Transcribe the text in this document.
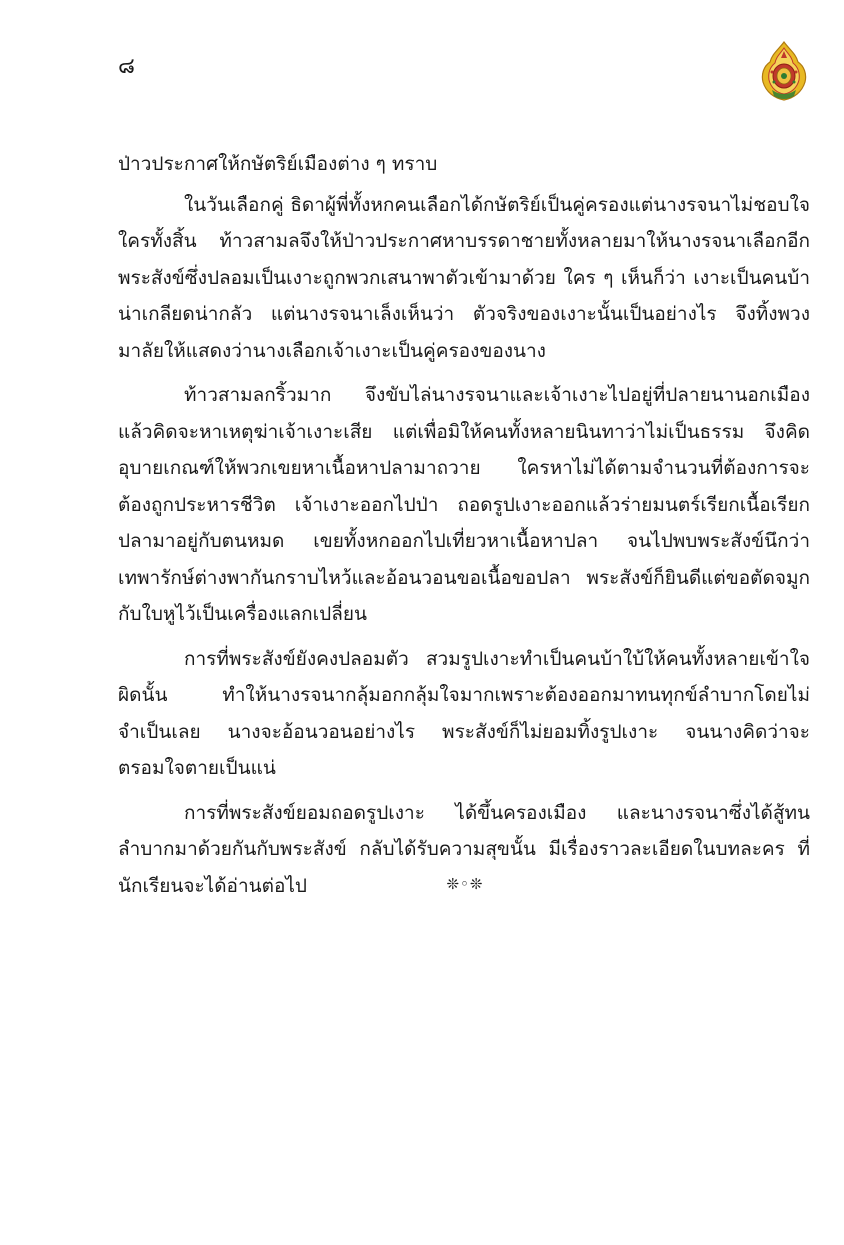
๘

ป่าวประกาศให้กษัตริย์เมืองต่าง ๆ ทราบ

ในวันเลือกคู่ ธิดาผู้พี่ทั้งหกคนเลือกได้กษัตริย์เป็นคู่ครองแต่นางรจนาไม่ชอบใจใครทั้งสิ้น ท้าวสามลจึงให้ป่าวประกาศหาบรรดาชายทั้งหลายมาให้นางรจนาเลือกอีก พระสังข์ซึ่งปลอมเป็นเงาะถูกพวกเสนาพาตัวเข้ามาด้วย ใคร ๆ เห็นก็ว่า เงาะเป็นคนบ้าน่าเกลียดน่ากลัว แต่นางรจนาเล็งเห็นว่า ตัวจริงของเงาะนั้นเป็นอย่างไร จึงทิ้งพวงมาลัยให้แสดงว่านางเลือกเจ้าเงาะเป็นคู่ครองของนาง

ท้าวสามลกริ้วมาก จึงขับไล่นางรจนาและเจ้าเงาะไปอยู่ที่ปลายนานอกเมือง แล้วคิดจะหาเหตุฆ่าเจ้าเงาะเสีย แต่เพื่อมิให้คนทั้งหลายนินทาว่าไม่เป็นธรรม จึงคิดอุบายเกณฑ์ให้พวกเขยหาเนื้อหาปลามาถวาย ใครหาไม่ได้ตามจำนวนที่ต้องการจะต้องถูกประหารชีวิต เจ้าเงาะออกไปป่า ถอดรูปเงาะออกแล้วร่ายมนตร์เรียกเนื้อเรียกปลามาอยู่กับตนหมด เขยทั้งหกออกไปเที่ยวหาเนื้อหาปลา จนไปพบพระสังข์นึกว่าเทพารักษ์ต่างพากันกราบไหว้และอ้อนวอนขอเนื้อขอปลา พระสังข์ก็ยินดีแต่ขอตัดจมูกกับใบหูไว้เป็นเครื่องแลกเปลี่ยน

การที่พระสังข์ยังคงปลอมตัว สวมรูปเงาะทำเป็นคนบ้าใบ้ให้คนทั้งหลายเข้าใจผิดนั้น ทำให้นางรจนากลุ้มอกกลุ้มใจมากเพราะต้องออกมาทนทุกข์ลำบากโดยไม่จำเป็นเลย นางจะอ้อนวอนอย่างไร พระสังข์ก็ไม่ยอมทิ้งรูปเงาะ จนนางคิดว่าจะตรอมใจตายเป็นแน่

การที่พระสังข์ยอมถอดรูปเงาะ ได้ขึ้นครองเมือง และนางรจนาซึ่งได้สู้ทนลำบากมาด้วยกันกับพระสังข์ กลับได้รับความสุขนั้น มีเรื่องราวละเอียดในบทละคร ที่นักเรียนจะได้อ่านต่อไป	❊◦❊
